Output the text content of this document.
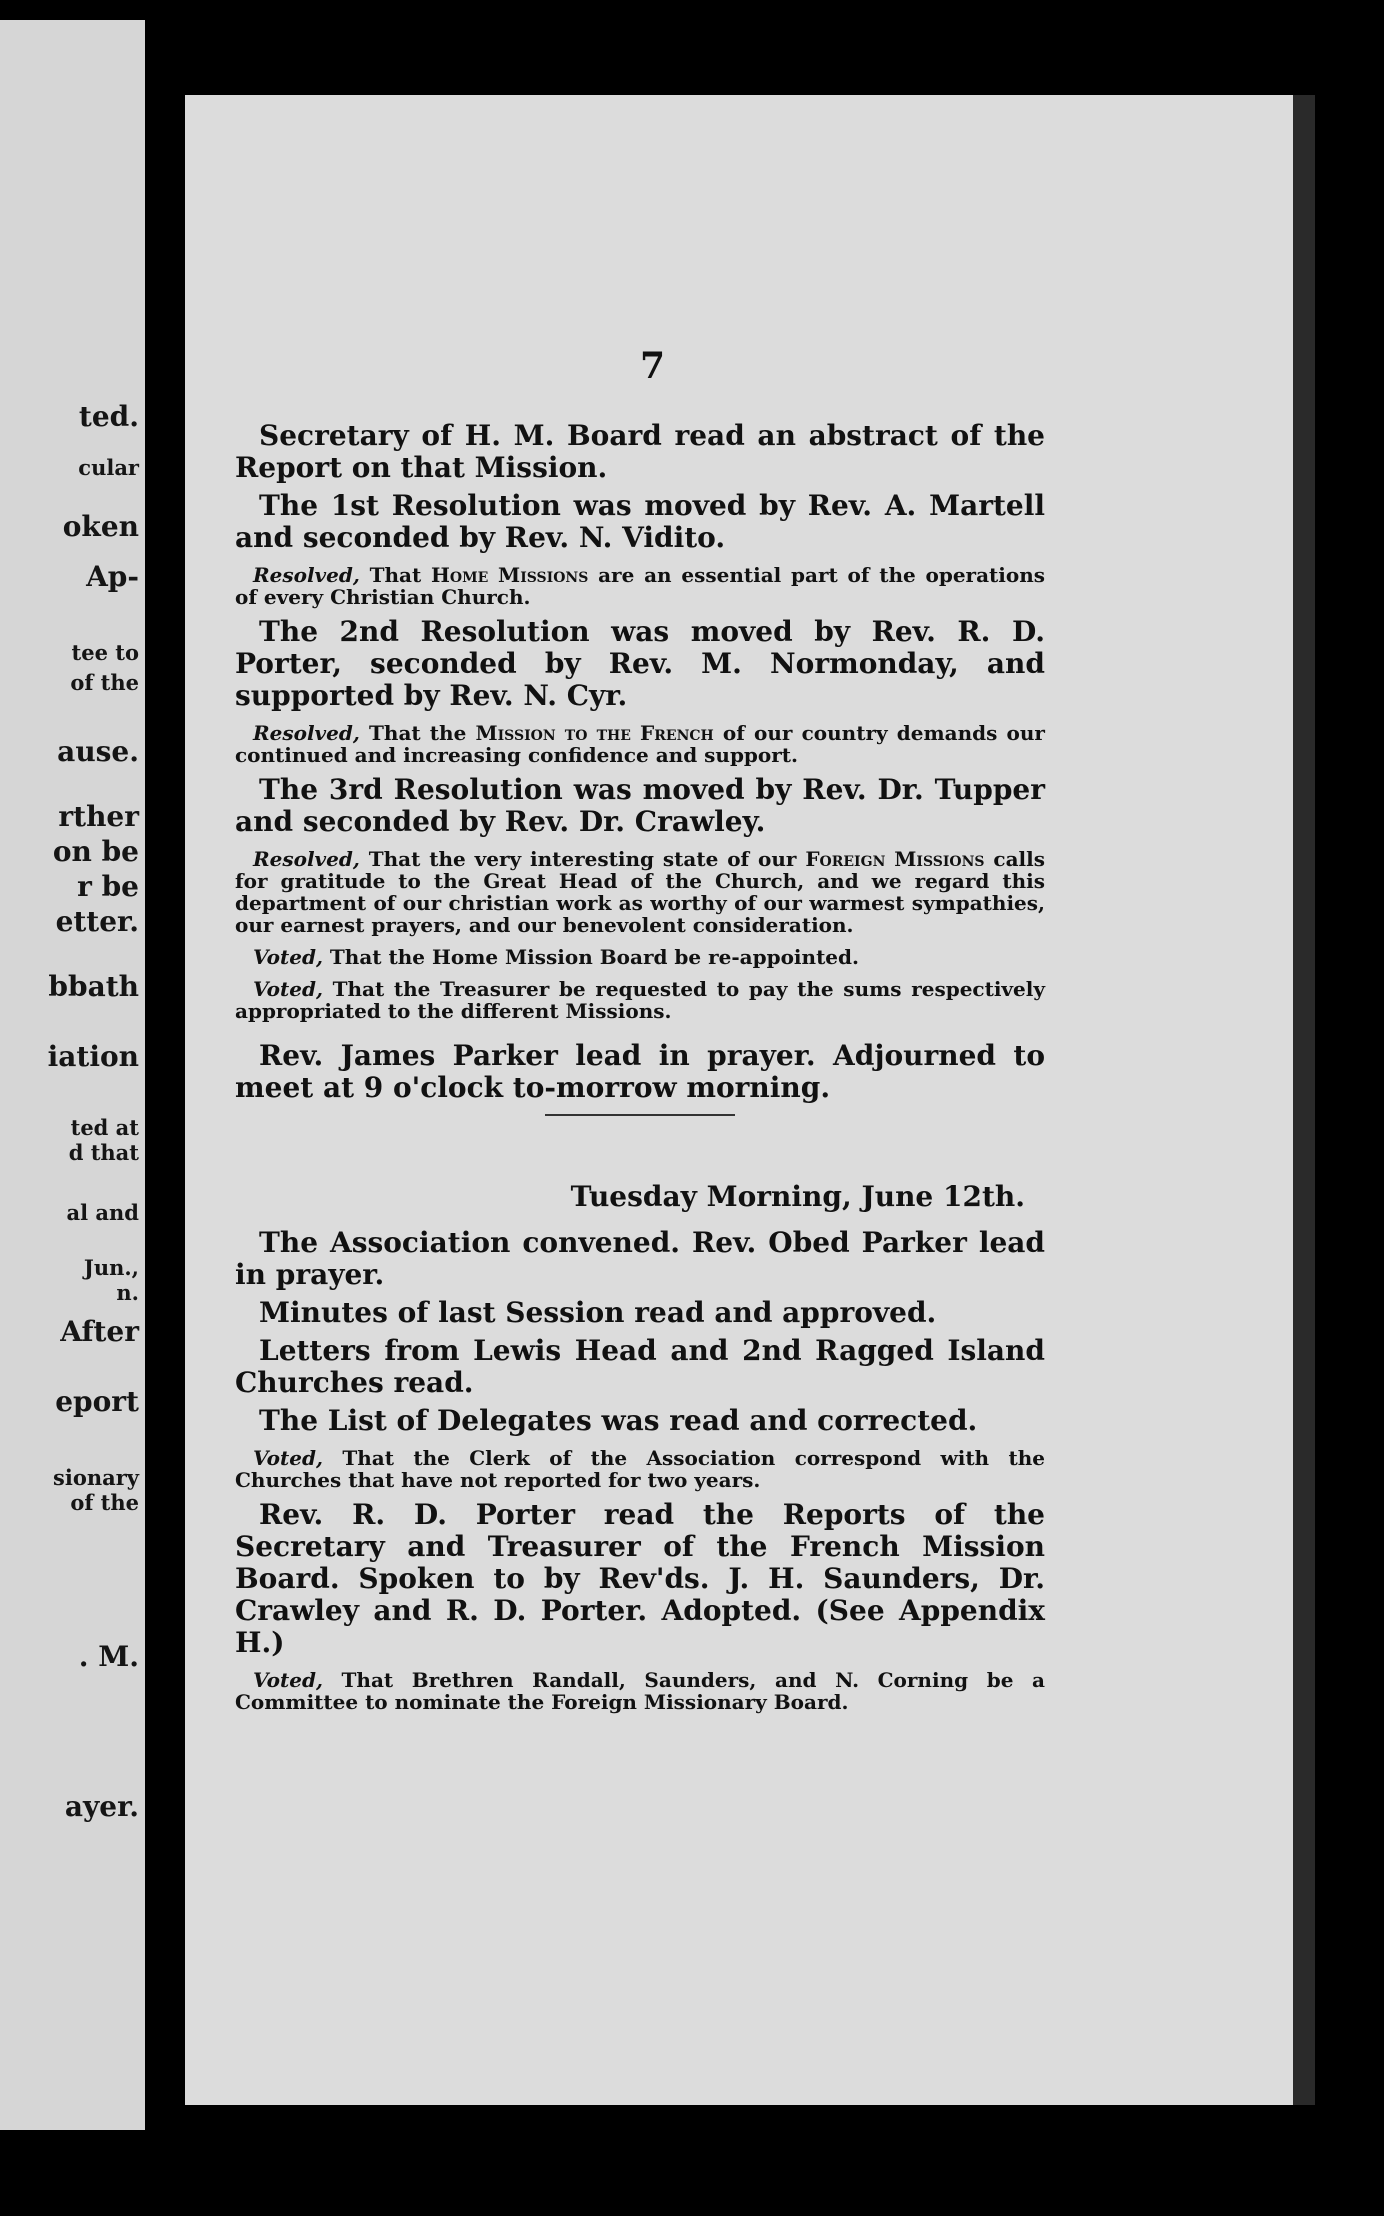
ted.
cular
oken
Ap-
tee to
of the
ause.
rther
on be
r be
etter.
bbath
iation
ted at
d that
al and
Jun.,
n.
After
eport
sionary
of the
. M.
ayer.
7

Secretary of H. M. Board read an abstract of the Report on that Mission.

The 1st Resolution was moved by Rev. A. Martell and seconded by Rev. N. Vidito.

Resolved, That Home Missions are an essential part of the operations of every Christian Church.

The 2nd Resolution was moved by Rev. R. D. Porter, seconded by Rev. M. Normonday, and supported by Rev. N. Cyr.

Resolved, That the Mission to the French of our country demands our continued and increasing confidence and support.

The 3rd Resolution was moved by Rev. Dr. Tupper and seconded by Rev. Dr. Crawley.

Resolved, That the very interesting state of our Foreign Missions calls for gratitude to the Great Head of the Church, and we regard this department of our christian work as worthy of our warmest sympathies, our earnest prayers, and our benevolent consideration.

Voted, That the Home Mission Board be re-appointed.

Voted, That the Treasurer be requested to pay the sums respectively appropriated to the different Missions.

Rev. James Parker lead in prayer. Adjourned to meet at 9 o'clock to-morrow morning.

Tuesday Morning, June 12th.

The Association convened. Rev. Obed Parker lead in prayer.

Minutes of last Session read and approved.

Letters from Lewis Head and 2nd Ragged Island Churches read.

The List of Delegates was read and corrected.

Voted, That the Clerk of the Association correspond with the Churches that have not reported for two years.

Rev. R. D. Porter read the Reports of the Secretary and Treasurer of the French Mission Board. Spoken to by Rev'ds. J. H. Saunders, Dr. Crawley and R. D. Porter. Adopted. (See Appendix H.)

Voted, That Brethren Randall, Saunders, and N. Corning be a Committee to nominate the Foreign Missionary Board.
